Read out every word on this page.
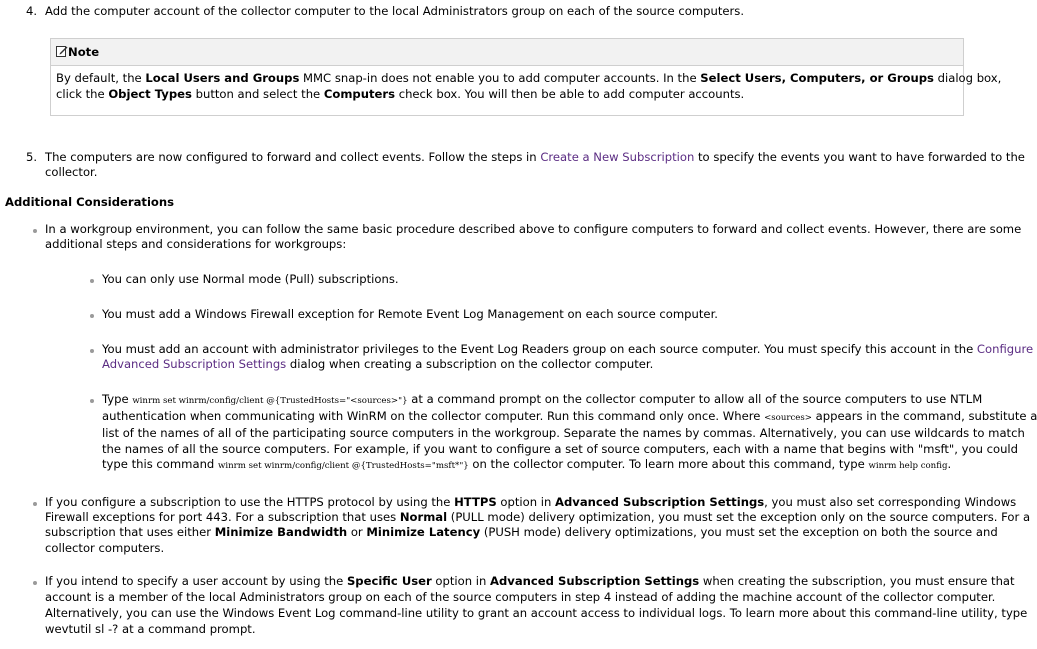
4. Add the computer account of the collector computer to the local Administrators group on each of the source computers.
Note
By default, the Local Users and Groups MMC snap-in does not enable you to add computer accounts. In the Select Users, Computers, or Groups dialog box,
click the Object Types button and select the Computers check box. You will then be able to add computer accounts.
5. The computers are now configured to forward and collect events. Follow the steps in Create a New Subscription to specify the events you want to have forwarded to the
collector.
Additional Considerations
In a workgroup environment, you can follow the same basic procedure described above to configure computers to forward and collect events. However, there are some
additional steps and considerations for workgroups:
You can only use Normal mode (Pull) subscriptions.
You must add a Windows Firewall exception for Remote Event Log Management on each source computer.
You must add an account with administrator privileges to the Event Log Readers group on each source computer. You must specify this account in the Configure
Advanced Subscription Settings dialog when creating a subscription on the collector computer.
Type winrm set winrm/config/client @{TrustedHosts="<sources>"} at a command prompt on the collector computer to allow all of the source computers to use NTLM
authentication when communicating with WinRM on the collector computer. Run this command only once. Where <sources> appears in the command, substitute a
list of the names of all of the participating source computers in the workgroup. Separate the names by commas. Alternatively, you can use wildcards to match
the names of all the source computers. For example, if you want to configure a set of source computers, each with a name that begins with "msft", you could
type this command winrm set winrm/config/client @{TrustedHosts="msft*"} on the collector computer. To learn more about this command, type winrm help config.
If you configure a subscription to use the HTTPS protocol by using the HTTPS option in Advanced Subscription Settings, you must also set corresponding Windows
Firewall exceptions for port 443. For a subscription that uses Normal (PULL mode) delivery optimization, you must set the exception only on the source computers. For a
subscription that uses either Minimize Bandwidth or Minimize Latency (PUSH mode) delivery optimizations, you must set the exception on both the source and
collector computers.
If you intend to specify a user account by using the Specific User option in Advanced Subscription Settings when creating the subscription, you must ensure that
account is a member of the local Administrators group on each of the source computers in step 4 instead of adding the machine account of the collector computer.
Alternatively, you can use the Windows Event Log command-line utility to grant an account access to individual logs. To learn more about this command-line utility, type
wevtutil sl -? at a command prompt.
